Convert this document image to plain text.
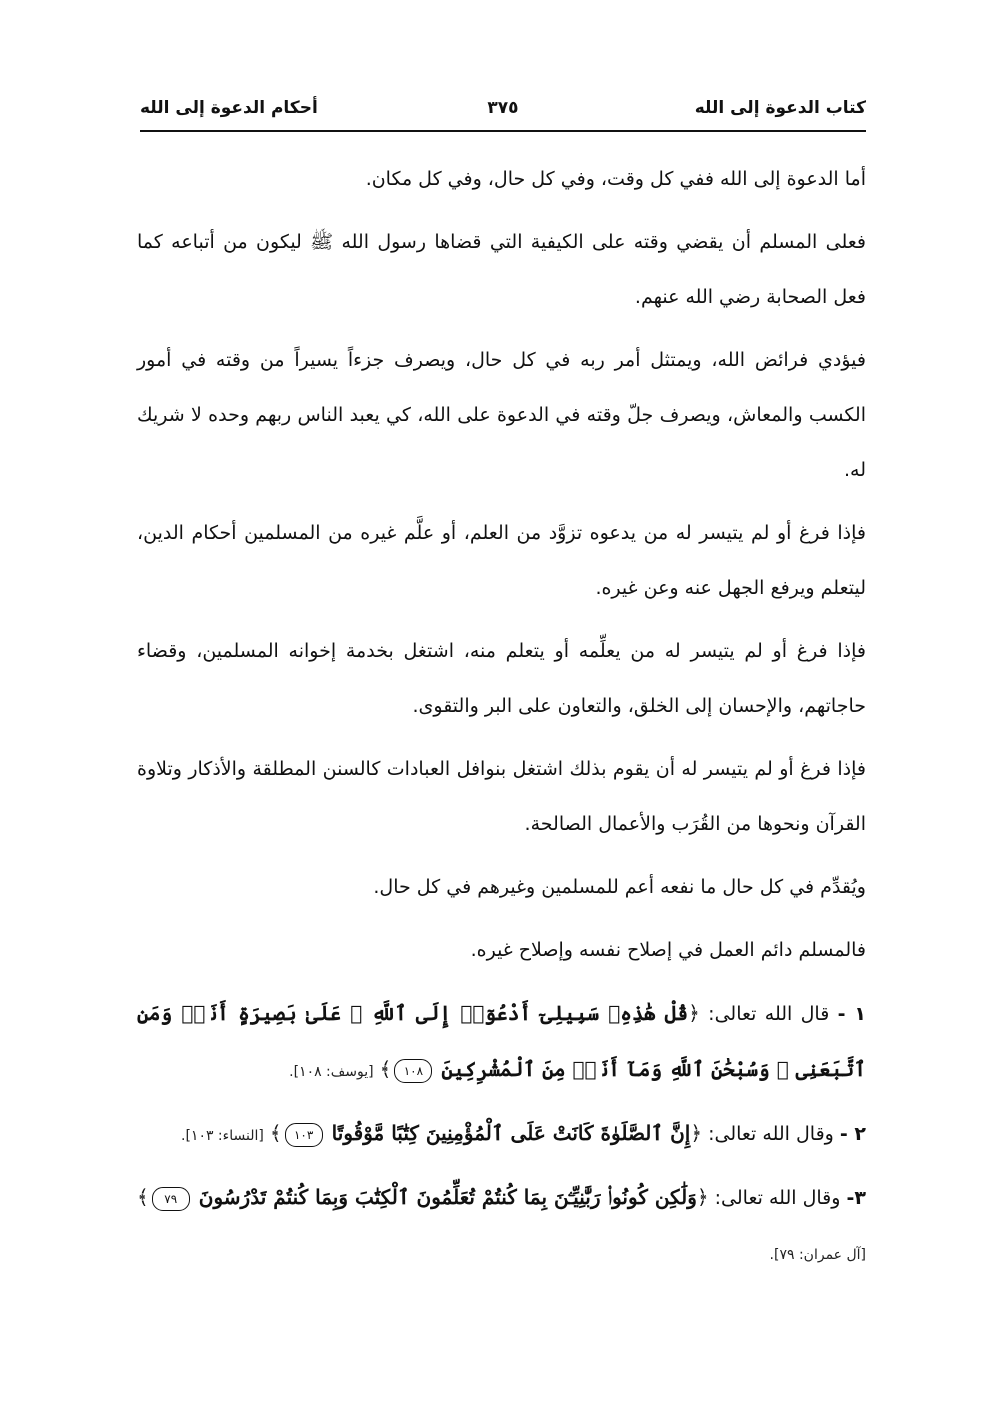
كتاب الدعوة إلى الله
٣٧٥
أحكام الدعوة إلى الله

أما الدعوة إلى الله ففي كل وقت، وفي كل حال، وفي كل مكان.

فعلى المسلم أن يقضي وقته على الكيفية التي قضاها رسول الله ﷺ ليكون من أتباعه كما فعل الصحابة رضي الله عنهم.

فيؤدي فرائض الله، ويمتثل أمر ربه في كل حال، ويصرف جزءاً يسيراً من وقته في أمور الكسب والمعاش، ويصرف جلّ وقته في الدعوة على الله، كي يعبد الناس ربهم وحده لا شريك له.

فإذا فرغ أو لم يتيسر له من يدعوه تزوَّد من العلم، أو علَّم غيره من المسلمين أحكام الدين، ليتعلم ويرفع الجهل عنه وعن غيره.

فإذا فرغ أو لم يتيسر له من يعلِّمه أو يتعلم منه، اشتغل بخدمة إخوانه المسلمين، وقضاء حاجاتهم، والإحسان إلى الخلق، والتعاون على البر والتقوى.

فإذا فرغ أو لم يتيسر له أن يقوم بذلك اشتغل بنوافل العبادات كالسنن المطلقة والأذكار وتلاوة القرآن ونحوها من القُرَب والأعمال الصالحة.

ويُقدِّم في كل حال ما نفعه أعم للمسلمين وغيرهم في كل حال.

فالمسلم دائم العمل في إصلاح نفسه وإصلاح غيره.

١ - قال الله تعالى: ﴿قُلْ هَٰذِهِۦ سَبِيلِىٓ أَدْعُوٓا۟ إِلَى ٱللَّهِ ۚ عَلَىٰ بَصِيرَةٍ أَنَا۠ وَمَنِ ٱتَّبَعَنِى ۖ وَسُبْحَٰنَ ٱللَّهِ وَمَآ أَنَا۠ مِنَ ٱلْمُشْرِكِينَ ١٠٨﴾ [يوسف: ١٠٨].

٢ - وقال الله تعالى: ﴿إِنَّ ٱلصَّلَوٰةَ كَانَتْ عَلَى ٱلْمُؤْمِنِينَ كِتَٰبًا مَّوْقُوتًا ١٠٣﴾ [النساء: ١٠٣].

٣- وقال الله تعالى: ﴿وَلَٰكِن كُونُوا۟ رَبَّٰنِيِّـۧنَ بِمَا كُنتُمْ تُعَلِّمُونَ ٱلْكِتَٰبَ وَبِمَا كُنتُمْ تَدْرُسُونَ ٧٩﴾ [آل عمران: ٧٩].
